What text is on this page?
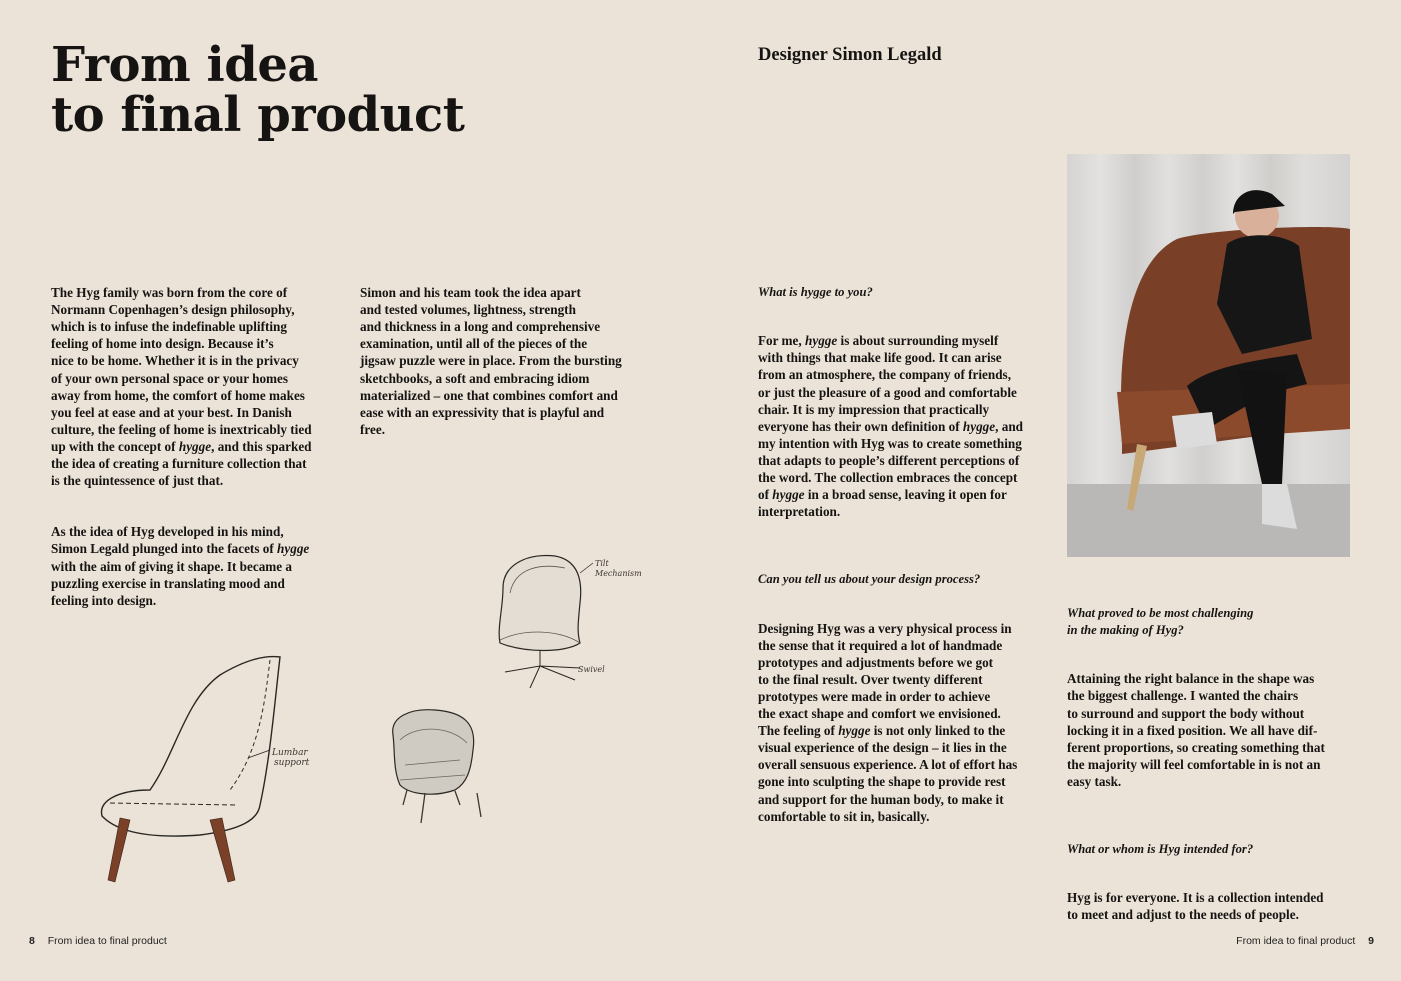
From idea
to final product
Designer Simon Legald

The Hyg family was born from the core of
Normann Copenhagen’s design philosophy,
which is to infuse the indefinable uplifting
feeling of home into design. Because it’s
nice to be home. Whether it is in the privacy
of your own personal space or your homes
away from home, the comfort of home makes
you feel at ease and at your best. In Danish
culture, the feeling of home is inextricably tied
up with the concept of hygge, and this sparked
the idea of creating a furniture collection that
is the quintessence of just that.

As the idea of Hyg developed in his mind,
Simon Legald plunged into the facets of hygge
with the aim of giving it shape. It became a
puzzling exercise in translating mood and
feeling into design.

Simon and his team took the idea apart
and tested volumes, lightness, strength
and thickness in a long and comprehensive
examination, until all of the pieces of the
jigsaw puzzle were in place. From the bursting
sketchbooks, a soft and embracing idiom
materialized – one that combines comfort and
ease with an expressivity that is playful and
free.

Lumbar
support
Tilt
Mechanism
Swivel

What is hygge to you?

For me, hygge is about surrounding myself
with things that make life good. It can arise
from an atmosphere, the company of friends,
or just the pleasure of a good and comfortable
chair. It is my impression that practically
everyone has their own definition of hygge, and
my intention with Hyg was to create something
that adapts to people’s different perceptions of
the word. The collection embraces the concept
of hygge in a broad sense, leaving it open for
interpretation.

Can you tell us about your design process?

Designing Hyg was a very physical process in
the sense that it required a lot of handmade
prototypes and adjustments before we got
to the final result. Over twenty different
prototypes were made in order to achieve
the exact shape and comfort we envisioned.
The feeling of hygge is not only linked to the
visual experience of the design – it lies in the
overall sensuous experience. A lot of effort has
gone into sculpting the shape to provide rest
and support for the human body, to make it
comfortable to sit in, basically.

What proved to be most challenging
in the making of Hyg?

Attaining the right balance in the shape was
the biggest challenge. I wanted the chairs
to surround and support the body without
locking it in a fixed position. We all have dif-
ferent proportions, so creating something that
the majority will feel comfortable in is not an
easy task.

What or whom is Hyg intended for?

Hyg is for everyone. It is a collection intended
to meet and adjust to the needs of people.

8 From idea to final product	From idea to final product 9
